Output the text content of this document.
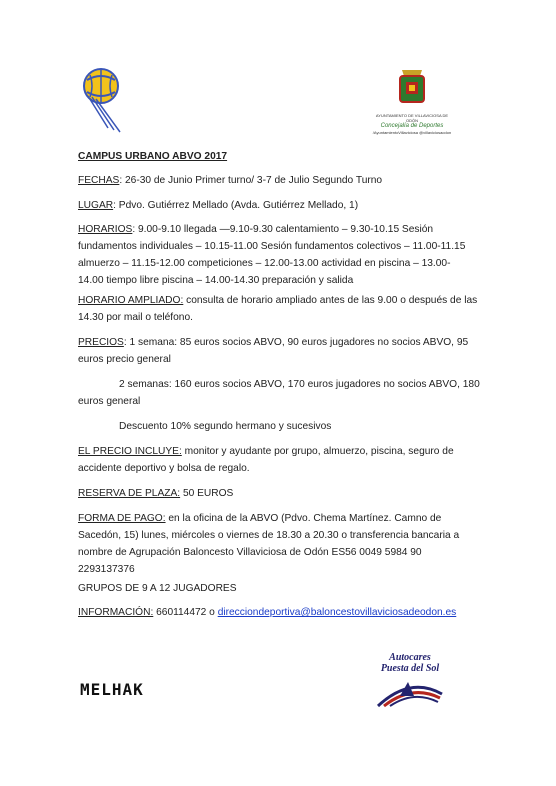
AYUNTAMIENTO DE VILLAVICIOSA DE ODÓN
Concejalía de Deportes
/AyuntamientoVillaviciosa @villaviciosaodon
CAMPUS URBANO ABVO 2017
FECHAS: 26-30 de Junio Primer turno/ 3-7 de Julio Segundo Turno
LUGAR: Pdvo. Gutiérrez Mellado (Avda. Gutiérrez Mellado, 1)
HORARIOS: 9.00-9.10 llegada —9.10-9.30 calentamiento – 9.30-10.15 Sesión
fundamentos individuales – 10.15-11.00 Sesión fundamentos colectivos – 11.00-11.15
almuerzo – 11.15-12.00 competiciones – 12.00-13.00 actividad en piscina – 13.00-
14.00 tiempo libre piscina – 14.00-14.30 preparación y salida
HORARIO AMPLIADO: consulta de horario ampliado antes de las 9.00 o después de las
14.30 por mail o teléfono.
PRECIOS: 1 semana: 85 euros socios ABVO, 90 euros jugadores no socios ABVO, 95
euros precio general
2 semanas: 160 euros socios ABVO, 170 euros jugadores no socios ABVO, 180
euros general
Descuento 10% segundo hermano y sucesivos
EL PRECIO INCLUYE: monitor y ayudante por grupo, almuerzo, piscina, seguro de
accidente deportivo y bolsa de regalo.
RESERVA DE PLAZA: 50 EUROS
FORMA DE PAGO: en la oficina de la ABVO (Pdvo. Chema Martínez. Camno de
Sacedón, 15) lunes, miércoles o viernes de 18.30 a 20.30 o transferencia bancaria a
nombre de Agrupación Baloncesto Villaviciosa de Odón ES56 0049 5984 90
2293137376
GRUPOS DE 9 A 12 JUGADORES
INFORMACIÓN: 660114472 o direcciondeportiva@baloncestovillaviciosadeodon.es
MELHAK
Autocares
Puesta del Sol
